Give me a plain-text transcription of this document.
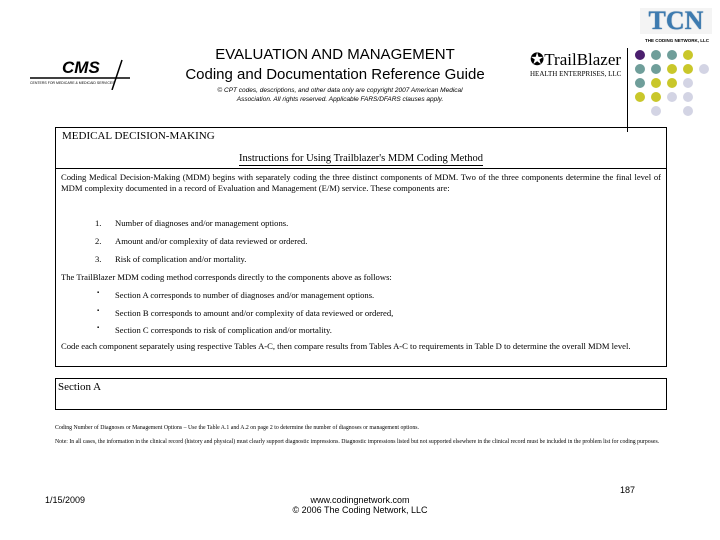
CMS
CENTERS FOR MEDICARE & MEDICAID SERVICES
EVALUATION AND MANAGEMENT
Coding and Documentation Reference Guide
© CPT codes, descriptions, and other data only are copyright 2007 American Medical
Association. All rights reserved. Applicable FARS/DFARS clauses apply.
✪TrailBlazer
HEALTH ENTERPRISES, LLC
TCN
THE CODING NETWORK, LLC
MEDICAL DECISION-MAKING
Instructions for Using Trailblazer's MDM Coding Method
Coding Medical Decision-Making (MDM) begins with separately coding the three distinct components of MDM. Two of the three components determine the final level of MDM complexity documented in a record of Evaluation and Management (E/M) service. These components are:
1. Number of diagnoses and/or management options.
2. Amount and/or complexity of data reviewed or ordered.
3. Risk of complication and/or mortality.
The TrailBlazer MDM coding method corresponds directly to the components above as follows:
▪ Section A corresponds to number of diagnoses and/or management options.
▪ Section B corresponds to amount and/or complexity of data reviewed or ordered,
▪ Section C corresponds to risk of complication and/or mortality.
Code each component separately using respective Tables A-C, then compare results from Tables A-C to requirements in Table D to determine the overall MDM level.
Section A
Coding Number of Diagnoses or Management Options – Use the Table A.1 and A.2 on page 2 to determine the number of diagnoses or management options.
Note: In all cases, the information in the clinical record (history and physical) must clearly support diagnostic impressions. Diagnostic impressions listed but not supported elsewhere in the clinical record must be included in the problem list for coding purposes.
1/15/2009	www.codingnetwork.com
© 2006 The Coding Network, LLC
187
